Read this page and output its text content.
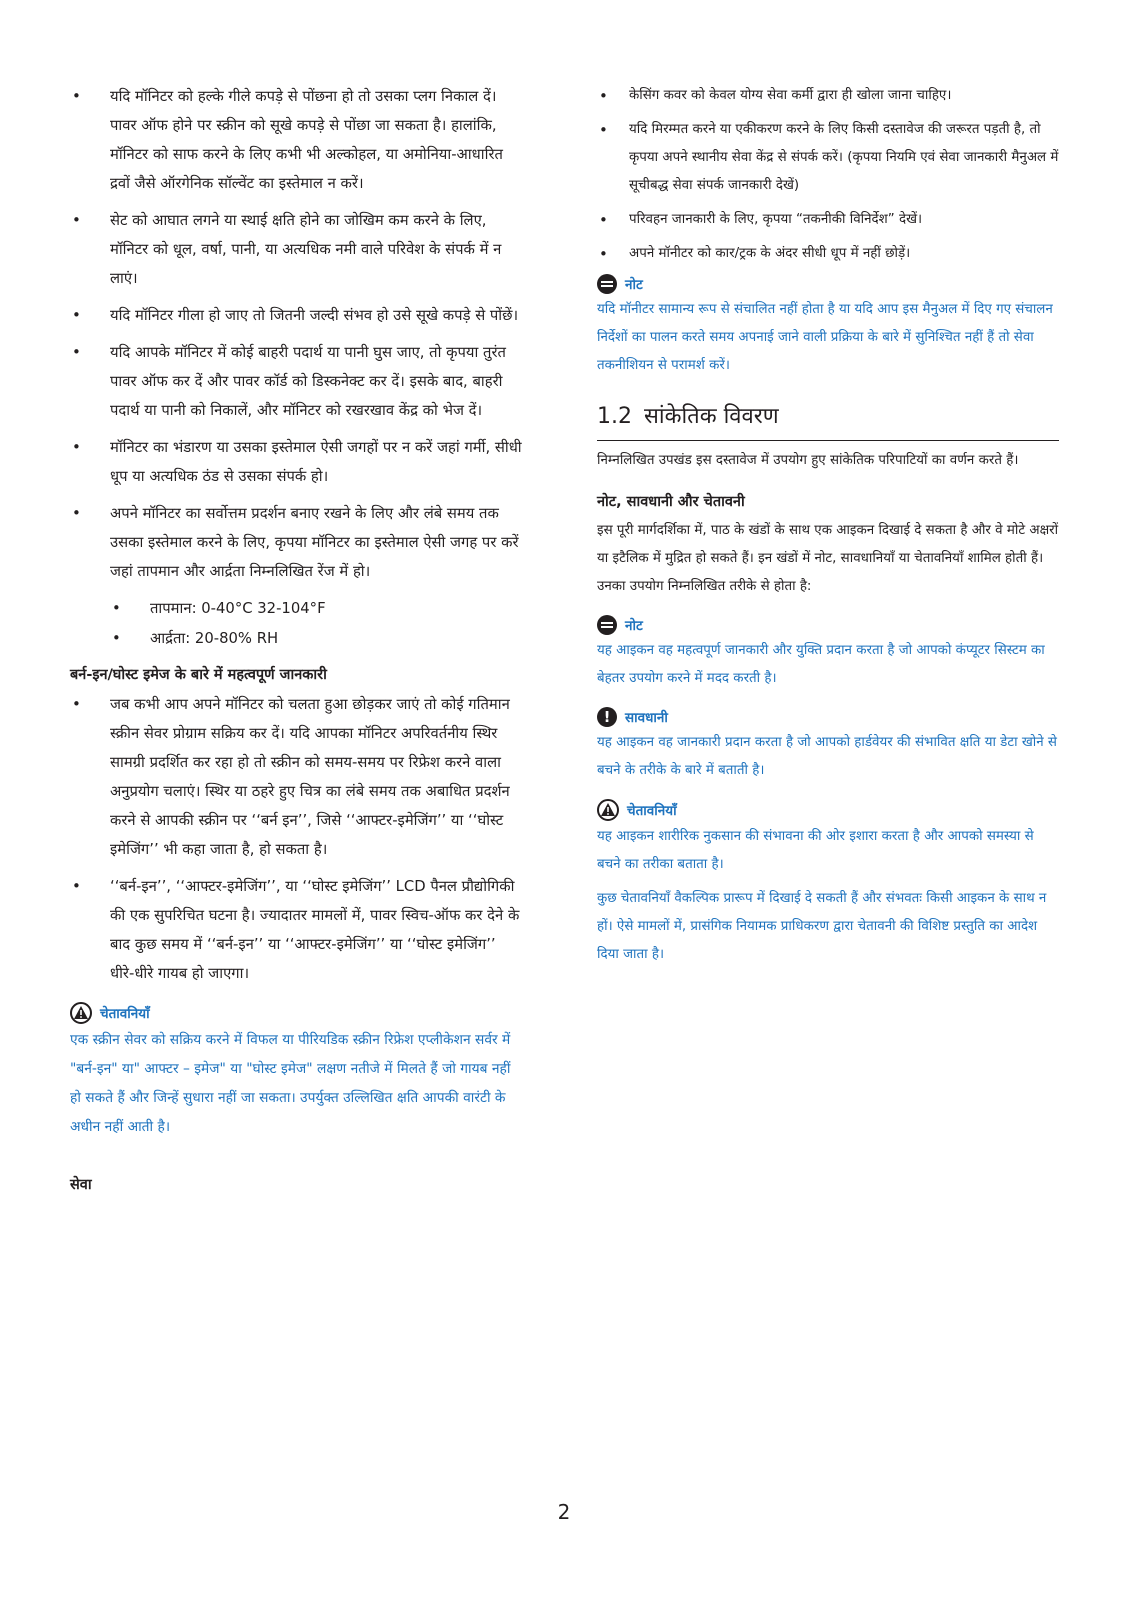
• यदि मॉनिटर को हल्के गीले कपड़े से पोंछना हो तो उसका प्लग निकाल दें। पावर ऑफ होने पर स्क्रीन को सूखे कपड़े से पोंछा जा सकता है। हालांकि, मॉनिटर को साफ करने के लिए कभी भी अल्कोहल, या अमोनिया-आधारित द्रवों जैसे ऑरगेनिक सॉल्वेंट का इस्तेमाल न करें।
• सेट को आघात लगने या स्थाई क्षति होने का जोखिम कम करने के लिए, मॉनिटर को धूल, वर्षा, पानी, या अत्यधिक नमी वाले परिवेश के संपर्क में न लाएं।
• यदि मॉनिटर गीला हो जाए तो जितनी जल्दी संभव हो उसे सूखे कपड़े से पोंछें।
• यदि आपके मॉनिटर में कोई बाहरी पदार्थ या पानी घुस जाए, तो कृपया तुरंत पावर ऑफ कर दें और पावर कॉर्ड को डिस्कनेक्ट कर दें। इसके बाद, बाहरी पदार्थ या पानी को निकालें, और मॉनिटर को रखरखाव केंद्र को भेज दें।
• मॉनिटर का भंडारण या उसका इस्तेमाल ऐसी जगहों पर न करें जहां गर्मी, सीधी धूप या अत्यधिक ठंड से उसका संपर्क हो।
• अपने मॉनिटर का सर्वोत्तम प्रदर्शन बनाए रखने के लिए और लंबे समय तक उसका इस्तेमाल करने के लिए, कृपया मॉनिटर का इस्तेमाल ऐसी जगह पर करें जहां तापमान और आर्द्रता निम्नलिखित रेंज में हो।
• तापमान: 0-40°C 32-104°F
• आर्द्रता: 20-80% RH
बर्न-इन/घोस्ट इमेज के बारे में महत्वपूर्ण जानकारी
• जब कभी आप अपने मॉनिटर को चलता हुआ छोड़कर जाएं तो कोई गतिमान स्क्रीन सेवर प्रोग्राम सक्रिय कर दें। यदि आपका मॉनिटर अपरिवर्तनीय स्थिर सामग्री प्रदर्शित कर रहा हो तो स्क्रीन को समय-समय पर रिफ्रेश करने वाला अनुप्रयोग चलाएं। स्थिर या ठहरे हुए चित्र का लंबे समय तक अबाधित प्रदर्शन करने से आपकी स्क्रीन पर ‘‘बर्न इन’’, जिसे ‘‘आफ्टर-इमेजिंग’’ या ‘‘घोस्ट इमेजिंग’’ भी कहा जाता है, हो सकता है।
• ‘‘बर्न-इन’’, ‘‘आफ्टर-इमेजिंग’’, या ‘‘घोस्ट इमेजिंग’’ LCD पैनल प्रौद्योगिकी की एक सुपरिचित घटना है। ज्यादातर मामलों में, पावर स्विच-ऑफ कर देने के बाद कुछ समय में ‘‘बर्न-इन’’ या ‘‘आफ्टर-इमेजिंग’’ या ‘‘घोस्ट इमेजिंग’’ धीरे-धीरे गायब हो जाएगा।
चेतावनियाँ

एक स्क्रीन सेवर को सक्रिय करने में विफल या पीरियडिक स्क्रीन रिफ्रेश एप्लीकेशन सर्वर में "बर्न-इन" या" आफ्टर – इमेज" या "घोस्ट इमेज" लक्षण नतीजे में मिलते हैं जो गायब नहीं हो सकते हैं और जिन्हें सुधारा नहीं जा सकता। उपर्युक्त उल्लिखित क्षति आपकी वारंटी के अधीन नहीं आती है।

सेवा
• केसिंग कवर को केवल योग्य सेवा कर्मी द्वारा ही खोला जाना चाहिए।
• यदि मिरम्मत करने या एकीकरण करने के लिए किसी दस्तावेज की जरूरत पड़ती है, तो कृपया अपने स्थानीय सेवा केंद्र से संपर्क करें। (कृपया नियमि एवं सेवा जानकारी मैनुअल में सूचीबद्ध सेवा संपर्क जानकारी देखें)
• परिवहन जानकारी के लिए, कृपया “तकनीकी विनिर्देश” देखें।
• अपने मॉनीटर को कार/ट्रक के अंदर सीधी धूप में नहीं छोड़ें।
नोट

यदि मॉनीटर सामान्य रूप से संचालित नहीं होता है या यदि आप इस मैनुअल में दिए गए संचालन निर्देशों का पालन करते समय अपनाई जाने वाली प्रक्रिया के बारे में सुनिश्चित नहीं हैं तो सेवा तकनीशियन से परामर्श करें।

1.2 सांकेतिक विवरण

निम्नलिखित उपखंड इस दस्तावेज में उपयोग हुए सांकेतिक परिपाटियों का वर्णन करते हैं।

नोट, सावधानी और चेतावनी

इस पूरी मार्गदर्शिका में, पाठ के खंडों के साथ एक आइकन दिखाई दे सकता है और वे मोटे अक्षरों या इटैलिक में मुद्रित हो सकते हैं। इन खंडों में नोट, सावधानियाँ या चेतावनियाँ शामिल होती हैं। उनका उपयोग निम्नलिखित तरीके से होता है:

नोट

यह आइकन वह महत्वपूर्ण जानकारी और युक्ति प्रदान करता है जो आपको कंप्यूटर सिस्टम का बेहतर उपयोग करने में मदद करती है।

!	सावधानी

यह आइकन वह जानकारी प्रदान करता है जो आपको हार्डवेयर की संभावित क्षति या डेटा खोने से बचने के तरीके के बारे में बताती है।

चेतावनियाँ

यह आइकन शारीरिक नुकसान की संभावना की ओर इशारा करता है और आपको समस्या से बचने का तरीका बताता है।

कुछ चेतावनियाँ वैकल्पिक प्रारूप में दिखाई दे सकती हैं और संभवतः किसी आइकन के साथ न हों। ऐसे मामलों में, प्रासंगिक नियामक प्राधिकरण द्वारा चेतावनी की विशिष्ट प्रस्तुति का आदेश दिया जाता है।

2
